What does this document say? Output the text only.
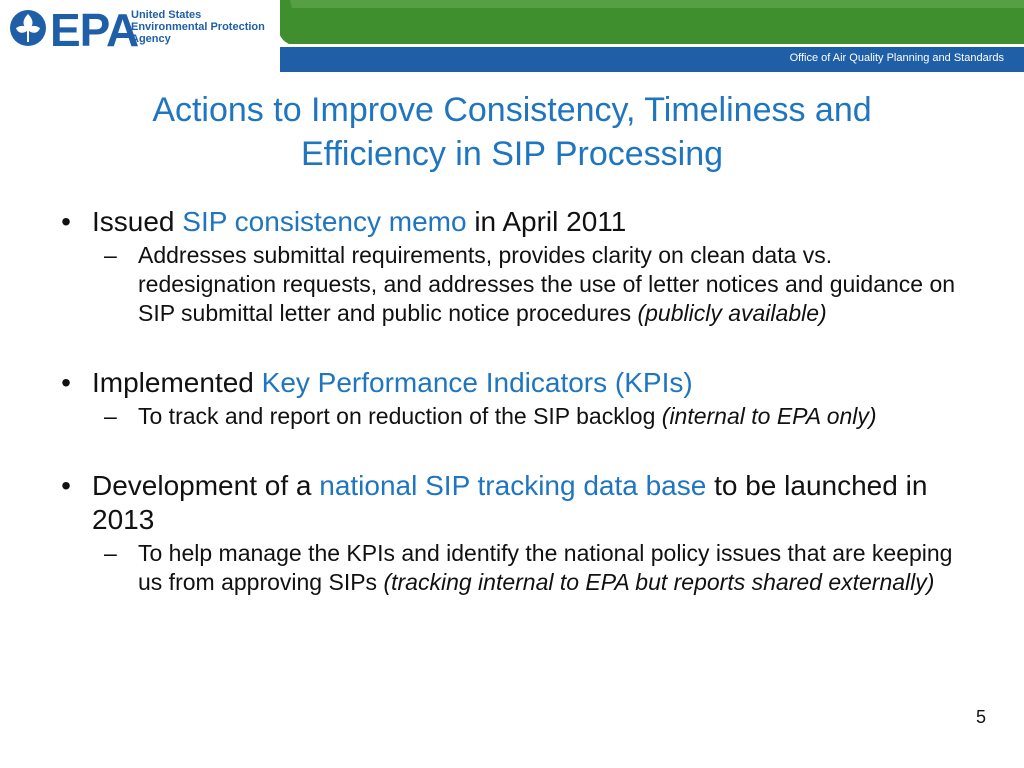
EPA
United States
Environmental Protection
Agency
Office of Air Quality Planning and Standards
Actions to Improve Consistency, Timeliness and
Efficiency in SIP Processing
• Issued SIP consistency memo in April 2011
– Addresses submittal requirements, provides clarity on clean data vs. redesignation requests, and addresses the use of letter notices and guidance on SIP submittal letter and public notice procedures (publicly available)
• Implemented Key Performance Indicators (KPIs)
– To track and report on reduction of the SIP backlog (internal to EPA only)
• Development of a national SIP tracking data base to be launched in 2013
– To help manage the KPIs and identify the national policy issues that are keeping us from approving SIPs (tracking internal to EPA but reports shared externally)
5
